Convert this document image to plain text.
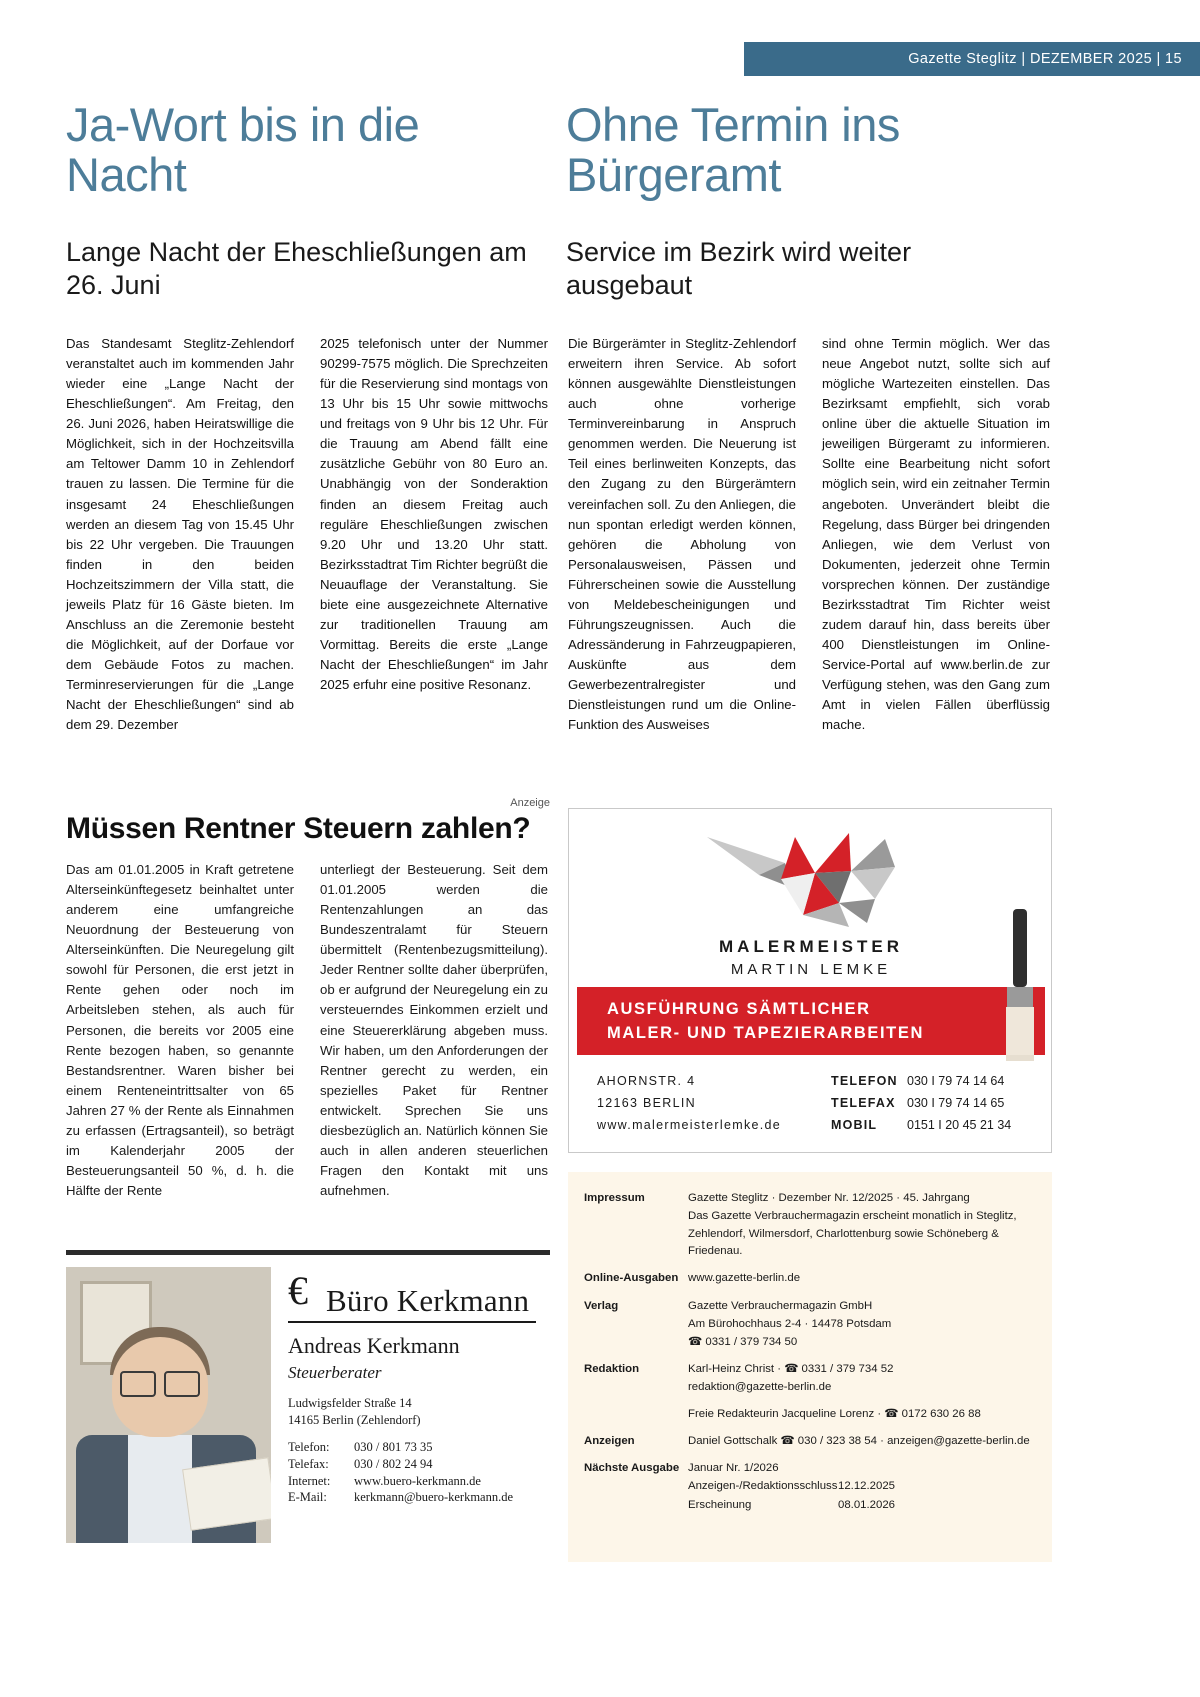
Gazette Steglitz | DEZEMBER 2025 | 15
Ja-Wort bis in die Nacht
Lange Nacht der Eheschließungen am 26. Juni
Ohne Termin ins Bürgeramt
Service im Bezirk wird weiter ausgebaut
Das Standesamt Steglitz-Zehlendorf veranstaltet auch im kommenden Jahr wieder eine „Lange Nacht der Eheschließungen“. Am Freitag, den 26. Juni 2026, haben Heiratswillige die Möglichkeit, sich in der Hochzeitsvilla am Teltower Damm 10 in Zehlendorf trauen zu lassen. Die Termine für die insgesamt 24 Eheschließungen werden an diesem Tag von 15.45 Uhr bis 22 Uhr vergeben. Die Trauungen finden in den beiden Hochzeitszimmern der Villa statt, die jeweils Platz für 16 Gäste bieten. Im Anschluss an die Zeremonie besteht die Möglichkeit, auf der Dorfaue vor dem Gebäude Fotos zu machen. Terminreservierungen für die „Lange Nacht der Eheschließungen“ sind ab dem 29. Dezember
2025 telefonisch unter der Nummer 90299-7575 möglich. Die Sprechzeiten für die Reservierung sind montags von 13 Uhr bis 15 Uhr sowie mittwochs und freitags von 9 Uhr bis 12 Uhr. Für die Trauung am Abend fällt eine zusätzliche Gebühr von 80 Euro an. Unabhängig von der Sonderaktion finden an diesem Freitag auch reguläre Eheschließungen zwischen 9.20 Uhr und 13.20 Uhr statt. Bezirksstadtrat Tim Richter begrüßt die Neuauflage der Veranstaltung. Sie biete eine ausgezeichnete Alternative zur traditionellen Trauung am Vormittag. Bereits die erste „Lange Nacht der Eheschließungen“ im Jahr 2025 erfuhr eine positive Resonanz.
Die Bürgerämter in Steglitz-Zehlendorf erweitern ihren Service. Ab sofort können ausgewählte Dienstleistungen auch ohne vorherige Terminvereinbarung in Anspruch genommen werden. Die Neuerung ist Teil eines berlinweiten Konzepts, das den Zugang zu den Bürgerämtern vereinfachen soll. Zu den Anliegen, die nun spontan erledigt werden können, gehören die Abholung von Personalausweisen, Pässen und Führerscheinen sowie die Ausstellung von Meldebescheinigungen und Führungszeugnissen. Auch die Adressänderung in Fahrzeugpapieren, Auskünfte aus dem Gewerbezentralregister und Dienstleistungen rund um die Online-Funktion des Ausweises
sind ohne Termin möglich. Wer das neue Angebot nutzt, sollte sich auf mögliche Wartezeiten einstellen. Das Bezirksamt empfiehlt, sich vorab online über die aktuelle Situation im jeweiligen Bürgeramt zu informieren. Sollte eine Bearbeitung nicht sofort möglich sein, wird ein zeitnaher Termin angeboten. Unverändert bleibt die Regelung, dass Bürger bei dringenden Anliegen, wie dem Verlust von Dokumenten, jederzeit ohne Termin vorsprechen können. Der zuständige Bezirksstadtrat Tim Richter weist zudem darauf hin, dass bereits über 400 Dienstleistungen im Online-Service-Portal auf www.berlin.de zur Verfügung stehen, was den Gang zum Amt in vielen Fällen überflüssig mache.
Anzeige
Müssen Rentner Steuern zahlen?
Das am 01.01.2005 in Kraft getretene Alterseinkünftegesetz beinhaltet unter anderem eine umfangreiche Neuordnung der Besteuerung von Alterseinkünften. Die Neuregelung gilt sowohl für Personen, die erst jetzt in Rente gehen oder noch im Arbeitsleben stehen, als auch für Personen, die bereits vor 2005 eine Rente bezogen haben, so genannte Bestandsrentner. Waren bisher bei einem Renteneintrittsalter von 65 Jahren 27 % der Rente als Einnahmen zu erfassen (Ertragsanteil), so beträgt im Kalenderjahr 2005 der Besteuerungsanteil 50 %, d. h. die Hälfte der Rente
unterliegt der Besteuerung. Seit dem 01.01.2005 werden die Rentenzahlungen an das Bundeszentralamt für Steuern übermittelt (Rentenbezugsmitteilung). Jeder Rentner sollte daher überprüfen, ob er aufgrund der Neuregelung ein zu versteuerndes Einkommen erzielt und eine Steuererklärung abgeben muss. Wir haben, um den Anforderungen der Rentner gerecht zu werden, ein spezielles Paket für Rentner entwickelt. Sprechen Sie uns diesbezüglich an. Natürlich können Sie auch in allen anderen steuerlichen Fragen den Kontakt mit uns aufnehmen.
€Büro Kerkmann
Andreas Kerkmann
Steuerberater
Ludwigsfelder Straße 14
14165 Berlin (Zehlendorf)
Telefon: 030 / 801 73 35
Telefax: 030 / 802 24 94
Internet: www.buero-kerkmann.de
E-Mail: kerkmann@buero-kerkmann.de
MALERMEISTER
MARTIN LEMKE
AUSFÜHRUNG SÄMTLICHER
MALER- UND TAPEZIERARBEITEN
AHORNSTR. 4
12163 BERLIN
www.malermeisterlemke.de
TELEFON 030 I 79 74 14 64
TELEFAX 030 I 79 74 14 65
MOBIL 0151 I 20 45 21 34
Impressum	Gazette Steglitz · Dezember Nr. 12/2025 · 45. Jahrgang
Das Gazette Verbrauchermagazin erscheint monatlich in Steglitz,
Zehlendorf, Wilmersdorf, Charlottenburg sowie Schöneberg & Friedenau.
Online-Ausgaben www.gazette-berlin.de
Verlag	Gazette Verbrauchermagazin GmbH
Am Bürohochhaus 2-4 · 14478 Potsdam
☎ 0331 / 379 734 50
Redaktion	Karl-Heinz Christ · ☎ 0331 / 379 734 52
redaktion@gazette-berlin.de
Freie Redakteurin Jacqueline Lorenz · ☎ 0172 630 26 88
Anzeigen	Daniel Gottschalk ☎ 030 / 323 38 54 · anzeigen@gazette-berlin.de
Nächste Ausgabe Januar Nr. 1/2026
Anzeigen-/Redaktionsschluss 12.12.2025
Erscheinung	08.01.2026
